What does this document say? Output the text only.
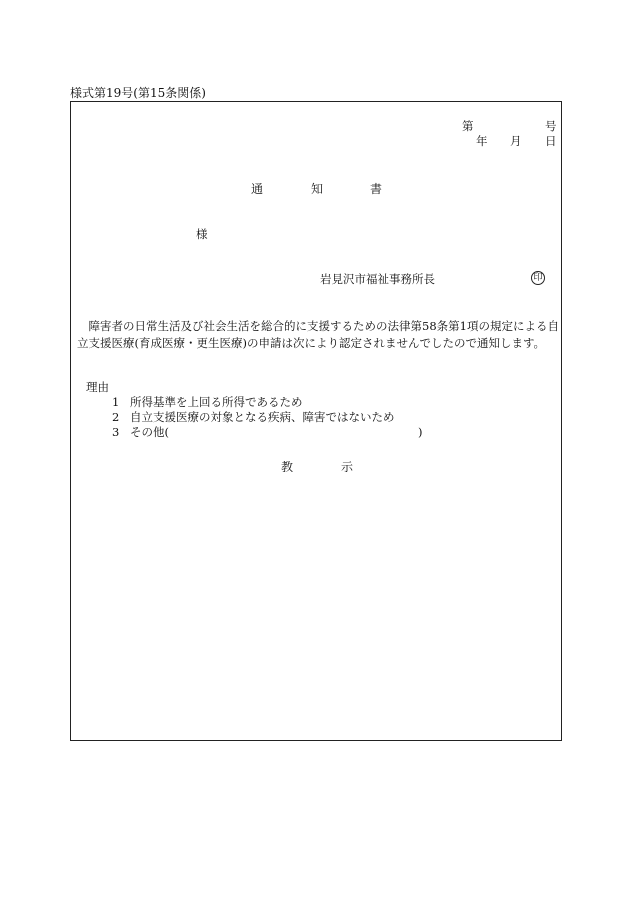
様式第19号(第15条関係)
第	号
年 月 日
通	知	書
様
岩見沢市福祉事務所長	印
　障害者の日常生活及び社会生活を総合的に支援するための法律第58条第1項の規定による自立支援医療(育成医療・更生医療)の申請は次により認定されませんでしたので通知します。
理由
1 所得基準を上回る所得であるため
2 自立支援医療の対象となる疾病、障害ではないため
3 その他(	)
教	示
